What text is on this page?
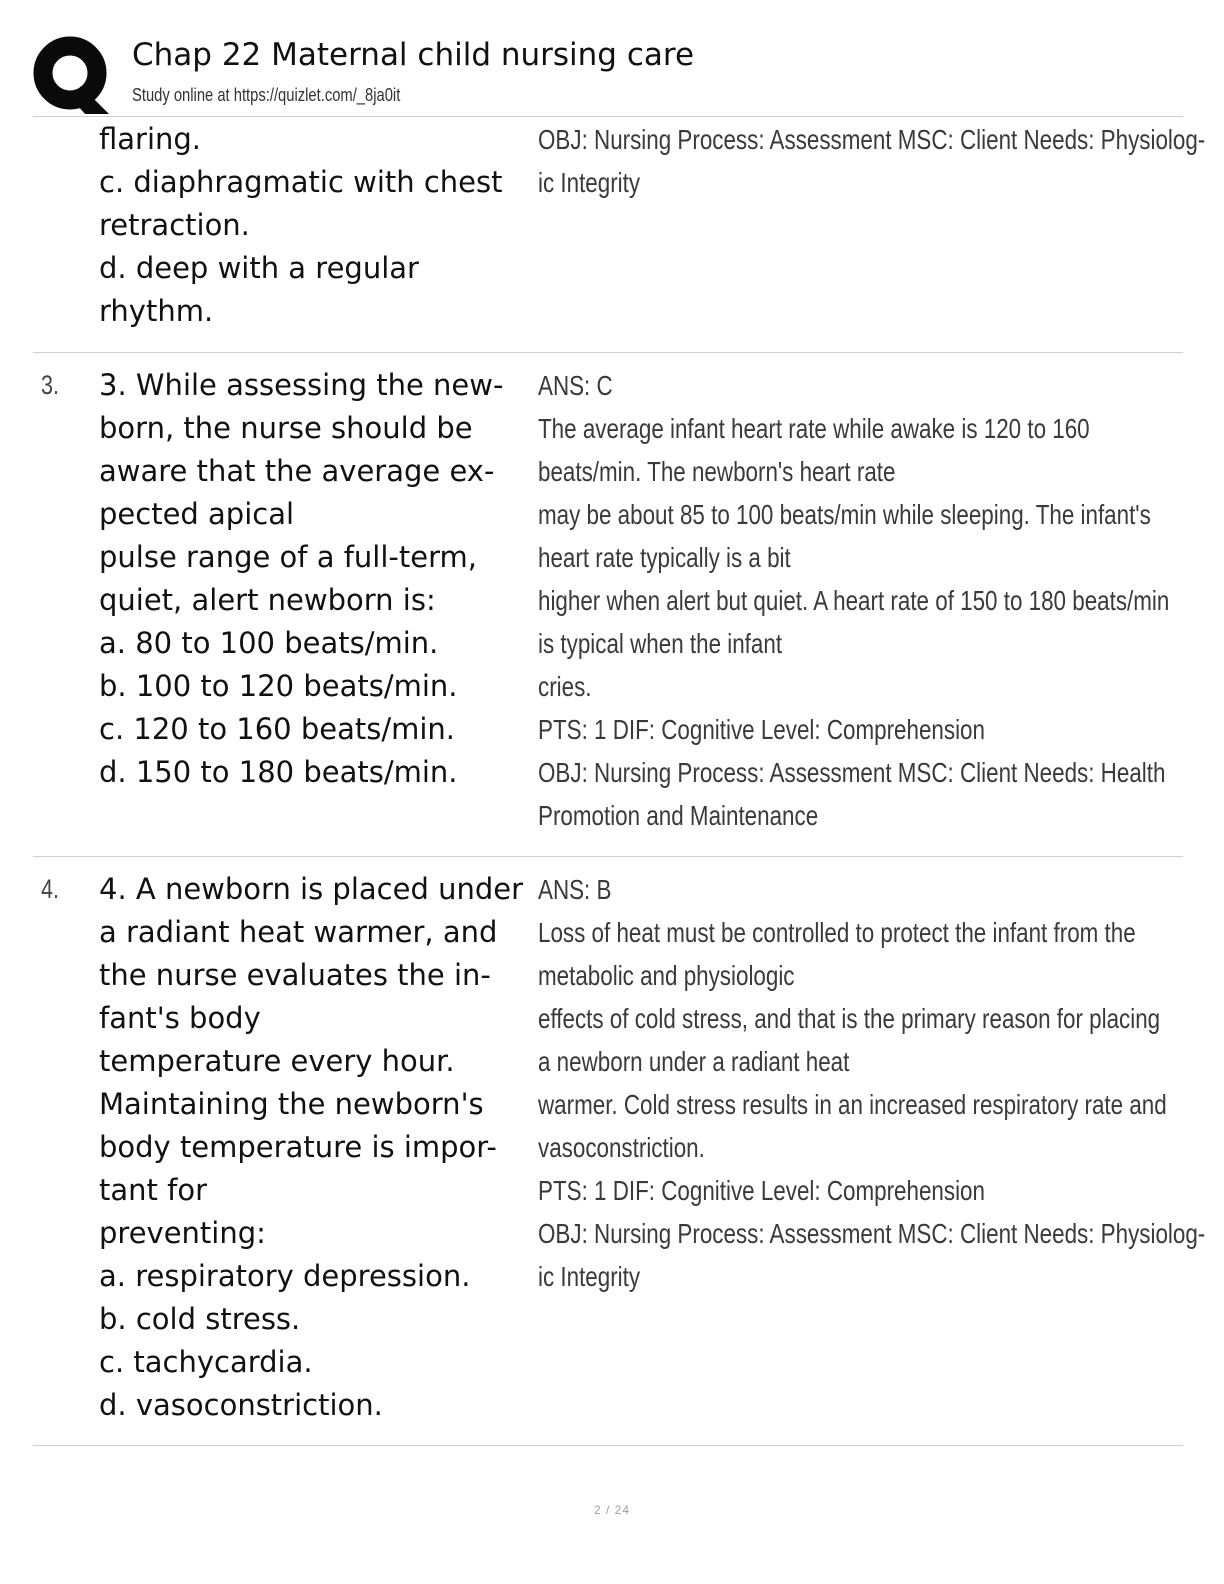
Chap 22 Maternal child nursing care
Study online at https://quizlet.com/_8ja0it
flaring.
c. diaphragmatic with chest
retraction.
d. deep with a regular
rhythm.
OBJ: Nursing Process: Assessment MSC: Client Needs: Physiolog-
ic Integrity
3. 3. While assessing the new-
born, the nurse should be
aware that the average ex-
pected apical
pulse range of a full-term,
quiet, alert newborn is:
a. 80 to 100 beats/min.
b. 100 to 120 beats/min.
c. 120 to 160 beats/min.
d. 150 to 180 beats/min.
ANS: C
The average infant heart rate while awake is 120 to 160
beats/min. The newborn's heart rate
may be about 85 to 100 beats/min while sleeping. The infant's
heart rate typically is a bit
higher when alert but quiet. A heart rate of 150 to 180 beats/min
is typical when the infant
cries.
PTS: 1 DIF: Cognitive Level: Comprehension
OBJ: Nursing Process: Assessment MSC: Client Needs: Health
Promotion and Maintenance
4. 4. A newborn is placed under
a radiant heat warmer, and
the nurse evaluates the in-
fant's body
temperature every hour.
Maintaining the newborn's
body temperature is impor-
tant for
preventing:
a. respiratory depression.
b. cold stress.
c. tachycardia.
d. vasoconstriction.
ANS: B
Loss of heat must be controlled to protect the infant from the
metabolic and physiologic
effects of cold stress, and that is the primary reason for placing
a newborn under a radiant heat
warmer. Cold stress results in an increased respiratory rate and
vasoconstriction.
PTS: 1 DIF: Cognitive Level: Comprehension
OBJ: Nursing Process: Assessment MSC: Client Needs: Physiolog-
ic Integrity
2 / 24
